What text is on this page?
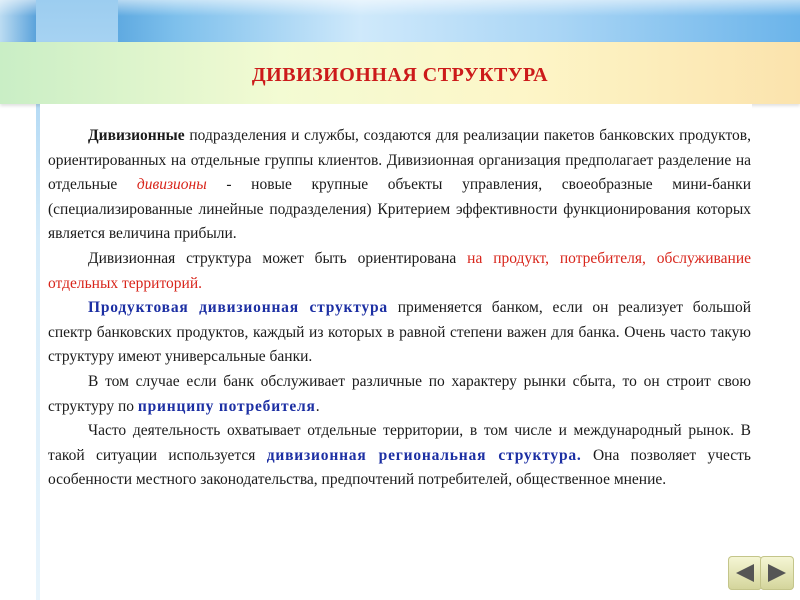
ДИВИЗИОННАЯ СТРУКТУРА

Дивизионные подразделения и службы, создаются для реализации пакетов банковских продуктов, ориентированных на отдельные группы клиентов. Дивизионная организация предполагает разделение на отдельные дивизионы - новые крупные объекты управления, своеобразные мини-банки (специализированные линейные подразделения) Критерием эффективности функционирования которых является величина прибыли.

Дивизионная структура может быть ориентирована на продукт, потребителя, обслуживание отдельных территорий.

Продуктовая дивизионная структура применяется банком, если он реализует большой спектр банковских продуктов, каждый из которых в равной степени важен для банка. Очень часто такую структуру имеют универсальные банки.

В том случае если банк обслуживает различные по характеру рынки сбыта, то он строит свою структуру по принципу потребителя.

Часто деятельность охватывает отдельные территории, в том числе и международный рынок. В такой ситуации используется дивизионная региональная структура. Она позволяет учесть особенности местного законодательства, предпочтений потребителей, общественное мнение.
